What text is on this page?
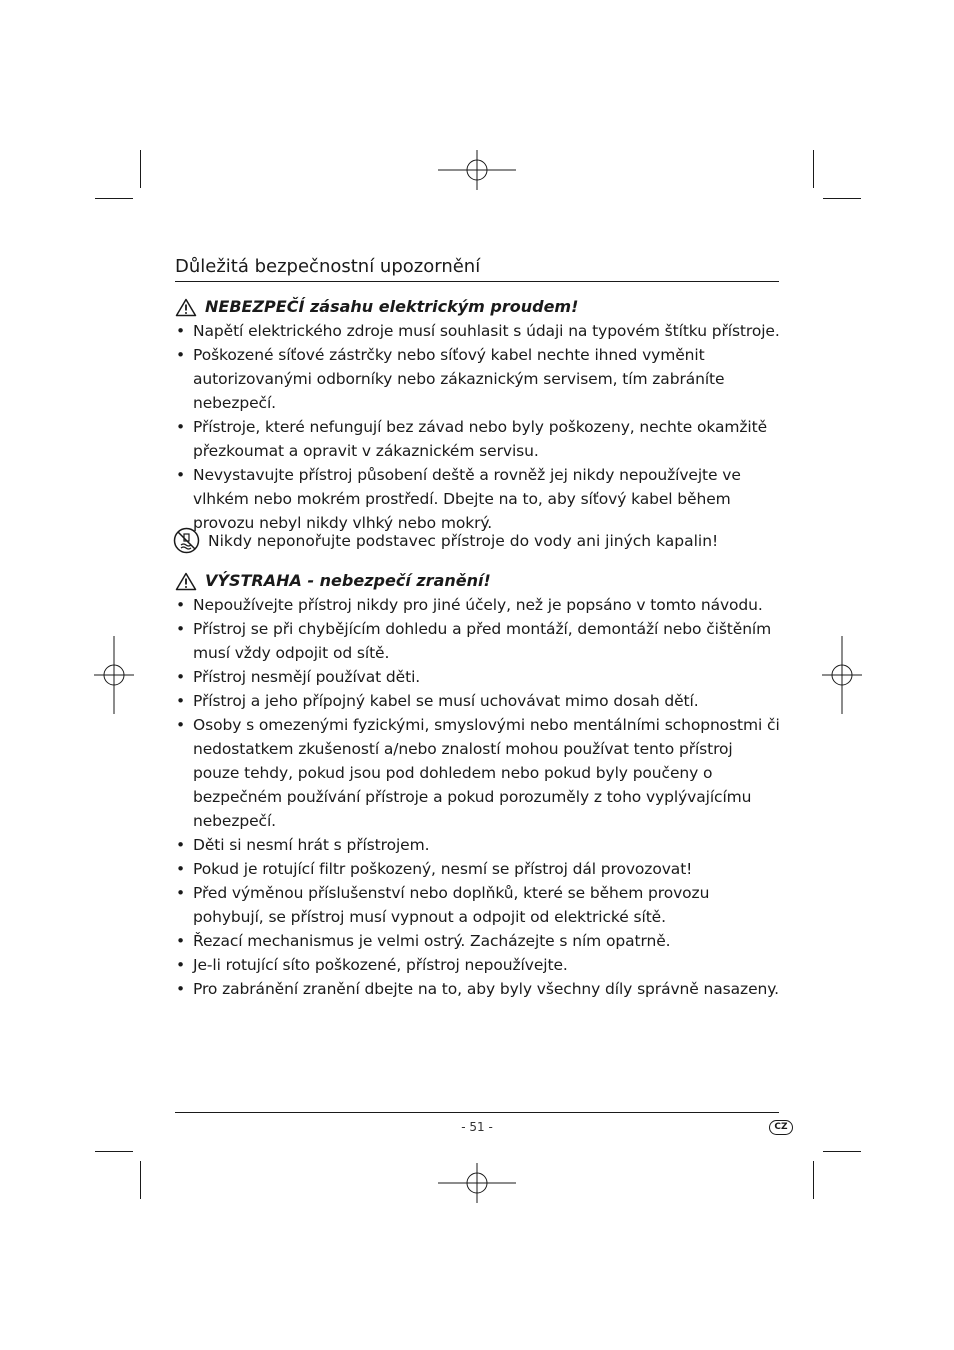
Důležitá bezpečnostní upozornění
NEBEZPEČÍ zásahu elektrickým proudem!
• Napětí elektrického zdroje musí souhlasit s údaji na typovém štítku přístroje.
• Poškozené síťové zástrčky nebo síťový kabel nechte ihned vyměnit autorizovanými odborníky nebo zákaznickým servisem, tím zabráníte nebezpečí.
• Přístroje, které nefungují bez závad nebo byly poškozeny, nechte okamžitě přezkoumat a opravit v zákaznickém servisu.
• Nevystavujte přístroj působení deště a rovněž jej nikdy nepoužívejte ve vlhkém nebo mokrém prostředí. Dbejte na to, aby síťový kabel během provozu nebyl nikdy vlhký nebo mokrý.
Nikdy neponořujte podstavec přístroje do vody ani jiných kapalin!
VÝSTRAHA - nebezpečí zranění!
• Nepoužívejte přístroj nikdy pro jiné účely, než je popsáno v tomto návodu.
• Přístroj se při chybějícím dohledu a před montáží, demontáží nebo čištěním musí vždy odpojit od sítě.
• Přístroj nesmějí používat děti.
• Přístroj a jeho přípojný kabel se musí uchovávat mimo dosah dětí.
• Osoby s omezenými fyzickými, smyslovými nebo mentálními schopnostmi či nedostatkem zkušeností a/nebo znalostí mohou používat tento přístroj pouze tehdy, pokud jsou pod dohledem nebo pokud byly poučeny o bezpečném používání přístroje a pokud porozuměly z toho vyplývajícímu nebezpečí.
• Děti si nesmí hrát s přístrojem.
• Pokud je rotující filtr poškozený, nesmí se přístroj dál provozovat!
• Před výměnou příslušenství nebo doplňků, které se během provozu pohybují, se přístroj musí vypnout a odpojit od elektrické sítě.
• Řezací mechanismus je velmi ostrý. Zacházejte s ním opatrně.
• Je-li rotující síto poškozené, přístroj nepoužívejte.
• Pro zabránění zranění dbejte na to, aby byly všechny díly správně nasazeny.
- 51 -	CZ
